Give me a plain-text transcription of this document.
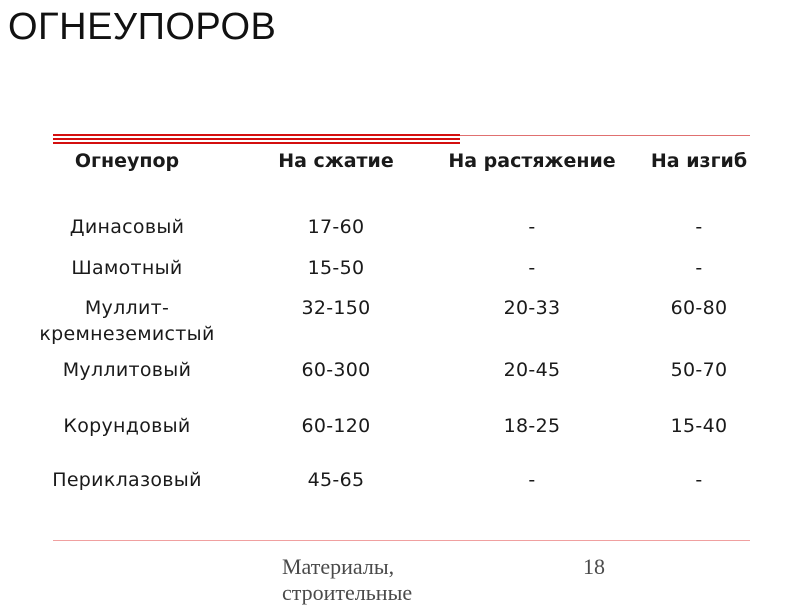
ОГНЕУПОРОВ
Огнеупор	На сжатие	На растяжение	На изгиб
Динасовый	17-60	-	-
Шамотный	15-50	-	-
Муллит-кремнеземистый	32-150	20-33	60-80
Муллитовый	60-300	20-45	50-70
Корундовый	60-120	18-25	15-40
Периклазовый	45-65	-	-
Материалы,
строительные
18
